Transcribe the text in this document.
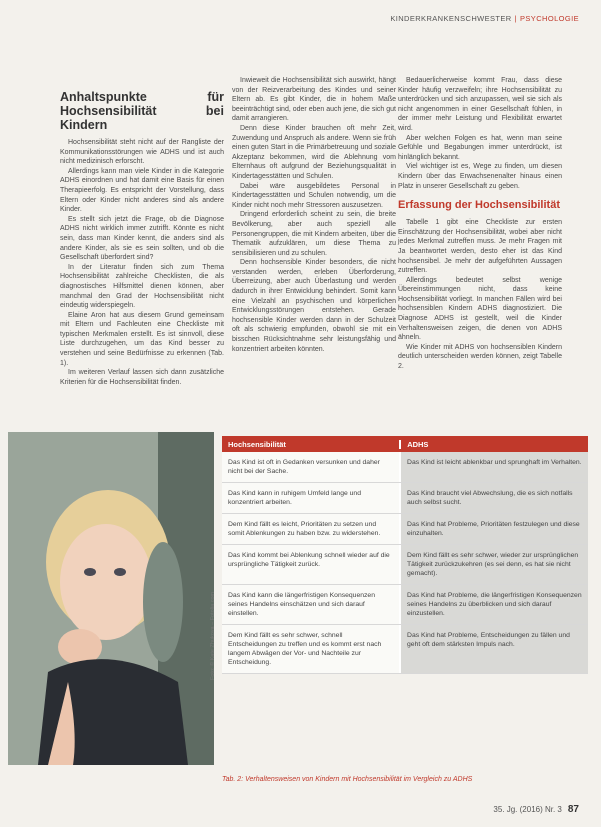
KINDERKRANKENSCHWESTER | PSYCHOLOGIE
Anhaltspunkte für Hochsensibilität bei Kindern

Hochsensibilität steht nicht auf der Rangliste der Kommunikationsstörungen wie ADHS und ist auch nicht medizinisch erforscht.

Allerdings kann man viele Kinder in die Kategorie ADHS einordnen und hat damit eine Basis für einen Therapieerfolg. Es entspricht der Vorstellung, dass Eltern oder Kinder nicht anderes sind als andere Kinder.

Es stellt sich jetzt die Frage, ob die Diagnose ADHS nicht wirklich immer zutrifft. Könnte es nicht sein, dass man Kinder kennt, die anders sind als andere Kinder, als sie es sein sollten, und ob die Gesellschaft überfordert sind?

In der Literatur finden sich zum Thema Hochsensibilität zahlreiche Checklisten, die als diagnostisches Hilfsmittel dienen können, aber manchmal den Grad der Hochsensibilität nicht eindeutig widerspiegeln.

Elaine Aron hat aus diesem Grund gemeinsam mit Eltern und Fachleuten eine Checkliste mit typischen Merkmalen erstellt. Es ist sinnvoll, diese Liste durchzugehen, um das Kind besser zu verstehen und seine Bedürfnisse zu erkennen (Tab. 1).

Im weiteren Verlauf lassen sich dann zusätzliche Kriterien für die Hochsensibilität finden.

Inwieweit die Hochsensibilität sich auswirkt, hängt von der Reizverarbeitung des Kindes und seiner Eltern ab. Es gibt Kinder, die in hohem Maße beeinträchtigt sind, oder eben auch jene, die sich gut damit arrangieren.

Denn diese Kinder brauchen oft mehr Zeit, Zuwendung und Anspruch als andere. Wenn sie früh einen guten Start in die Primärbetreuung und soziale Akzeptanz bekommen, wird die Ablehnung vom Elternhaus oft aufgrund der Beziehungsqualität in Kindertagesstätten und Schulen.

Dabei wäre ausgebildetes Personal in Kindertagesstätten und Schulen notwendig, um die Kinder nicht noch mehr Stressoren auszusetzen.

Dringend erforderlich scheint zu sein, die breite Bevölkerung, aber auch speziell alle Personengruppen, die mit Kindern arbeiten, über die Thematik aufzuklären, um diese Thema zu sensibilisieren und zu schulen.

Denn hochsensible Kinder besonders, die nicht verstanden werden, erleben Überforderung, Überreizung, aber auch Überlastung und werden dadurch in ihrer Entwicklung behindert. Somit kann eine Vielzahl an psychischen und körperlichen Entwicklungsstörungen entstehen. Gerade hochsensible Kinder werden dann in der Schulzeit oft als schwierig empfunden, obwohl sie mit ein bisschen Rücksichtnahme sehr leistungsfähig und konzentriert arbeiten könnten.

Bedauerlicherweise kommt Frau, dass diese Kinder häufig verzweifeln; ihre Hochsensibilität zu unterdrücken und sich anzupassen, weil sie sich als nicht angenommen in einer Gesellschaft fühlen, in der immer mehr Leistung und Flexibilität erwartet wird.

Aber welchen Folgen es hat, wenn man seine Gefühle und Begabungen immer unterdrückt, ist hinlänglich bekannt.

Viel wichtiger ist es, Wege zu finden, um diesen Kindern über das Erwachsenenalter hinaus einen Platz in unserer Gesellschaft zu geben.

Erfassung der Hochsensibilität

Tabelle 1 gibt eine Checkliste zur ersten Einschätzung der Hochsensibilität, wobei aber nicht jedes Merkmal zutreffen muss. Je mehr Fragen mit Ja beantwortet werden, desto eher ist das Kind hochsensibel. Je mehr der aufgeführten Aussagen zutreffen.

Allerdings bedeutet selbst wenige Übereinstimmungen nicht, dass keine Hochsensibilität vorliegt. In manchen Fällen wird bei hochsensiblen Kindern ADHS diagnostiziert. Die Diagnose ADHS ist gestellt, weil die Kinder Verhaltensweisen zeigen, die denen von ADHS ähneln.

Wie Kinder mit ADHS von hochsensiblen Kindern deutlich unterscheiden werden können, zeigt Tabelle 2.

Foto: © Kate Zhukova – Fotolia.com
Hochsensibilität	ADHS
Das Kind ist oft in Gedanken versunken und daher nicht bei der Sache.
Das Kind ist leicht ablenkbar und sprunghaft im Verhalten.
Das Kind kann in ruhigem Umfeld lange und konzentriert arbeiten.
Das Kind braucht viel Abwechslung, die es sich notfalls auch selbst sucht.
Dem Kind fällt es leicht, Prioritäten zu setzen und somit Ablenkungen zu haben bzw. zu widerstehen.
Das Kind hat Probleme, Prioritäten festzulegen und diese einzuhalten.
Das Kind kommt bei Ablenkung schnell wieder auf die ursprüngliche Tätigkeit zurück.
Dem Kind fällt es sehr schwer, wieder zur ursprünglichen Tätigkeit zurückzukehren (es sei denn, es hat sie nicht gemacht).
Das Kind kann die längerfristigen Konsequenzen seines Handelns einschätzen und sich darauf einstellen.
Das Kind hat Probleme, die längerfristigen Konsequenzen seines Handelns zu überblicken und sich darauf einzustellen.
Dem Kind fällt es sehr schwer, schnell Entscheidungen zu treffen und es kommt erst nach langem Abwägen der Vor- und Nachteile zur Entscheidung.
Das Kind hat Probleme, Entscheidungen zu fällen und geht oft dem stärksten Impuls nach.
Tab. 2: Verhaltensweisen von Kindern mit Hochsensibilität im Vergleich zu ADHS
35. Jg. (2016) Nr. 3 87
